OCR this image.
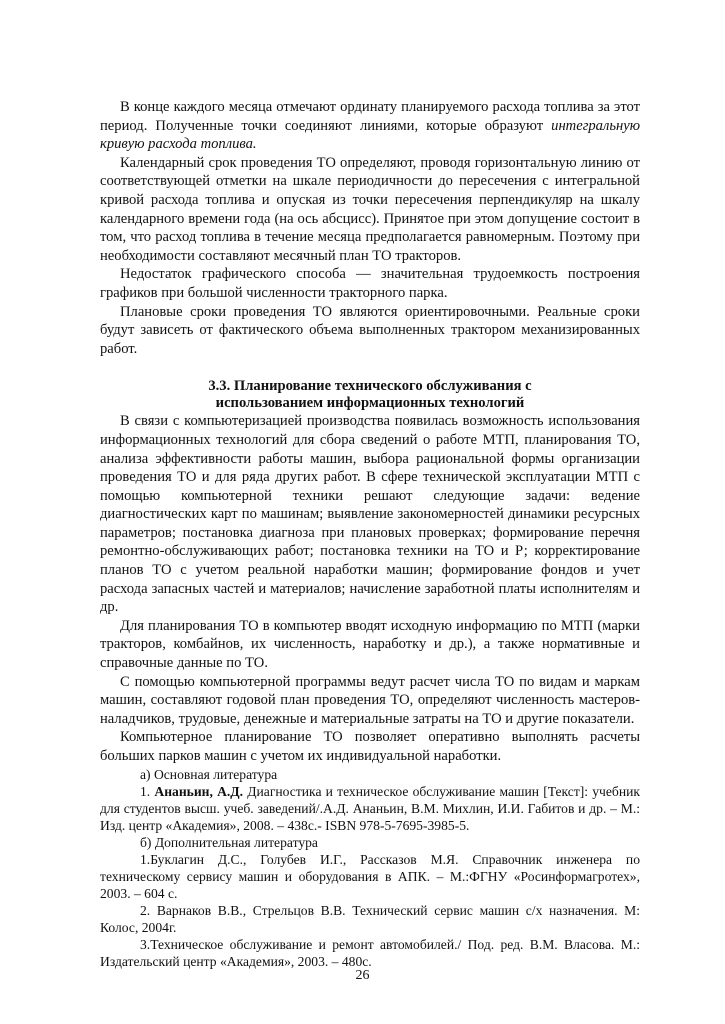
В конце каждого месяца отмечают ординату планируемого расхода топлива за этот период. Полученные точки соединяют линиями, которые образуют интегральную кривую расхода топлива.

Календарный срок проведения ТО определяют, проводя горизонтальную линию от соответствующей отметки на шкале периодичности до пересечения с интегральной кривой расхода топлива и опуская из точки пересечения перпендикуляр на шкалу календарного времени года (на ось абсцисс). Принятое при этом допущение состоит в том, что расход топлива в течение месяца предполагается равномерным. Поэтому при необходимости составляют месячный план ТО тракторов.

Недостаток графического способа — значительная трудоемкость построения графиков при большой численности тракторного парка.

Плановые сроки проведения ТО являются ориентировочными. Реальные сроки будут зависеть от фактического объема выполненных трактором механизированных работ.

3.3. Планирование технического обслуживания с использованием информационных технологий

В связи с компьютеризацией производства появилась возможность использования информационных технологий для сбора сведений о работе МТП, планирования ТО, анализа эффективности работы машин, выбора рациональной формы организации проведения ТО и для ряда других работ. В сфере технической эксплуатации МТП с помощью компьютерной техники решают следующие задачи: ведение диагностических карт по машинам; выявление закономерностей динамики ресурсных параметров; постановка диагноза при плановых проверках; формирование перечня ремонтно-обслуживающих работ; постановка техники на ТО и Р; корректирование планов ТО с учетом реальной наработки машин; формирование фондов и учет расхода запасных частей и материалов; начисление заработной платы исполнителям и др.

Для планирования ТО в компьютер вводят исходную информацию по МТП (марки тракторов, комбайнов, их численность, наработку и др.), а также нормативные и справочные данные по ТО.

С помощью компьютерной программы ведут расчет числа ТО по видам и маркам машин, составляют годовой план проведения ТО, определяют численность мастеров-наладчиков, трудовые, денежные и материальные затраты на ТО и другие показатели.

Компьютерное планирование ТО позволяет оперативно выполнять расчеты больших парков машин с учетом их индивидуальной наработки.

а) Основная литература

1. Ананьин, А.Д. Диагностика и техническое обслуживание машин [Текст]: учебник для студентов высш. учеб. заведений/.А.Д. Ананьин, В.М. Михлин, И.И. Габитов и др. – М.: Изд. центр «Академия», 2008. – 438с.- ISBN 978-5-7695-3985-5.

б) Дополнительная литература

1.Буклагин Д.С., Голубев И.Г., Рассказов М.Я. Справочник инженера по техническому сервису машин и оборудования в АПК. – М.:ФГНУ «Росинформагротех», 2003. – 604 с.

2. Варнаков В.В., Стрельцов В.В. Технический сервис машин с/х назначения. М: Колос, 2004г.

3.Техническое обслуживание и ремонт автомобилей./ Под. ред. В.М. Власова. М.: Издательский центр «Академия», 2003. – 480с.

26
